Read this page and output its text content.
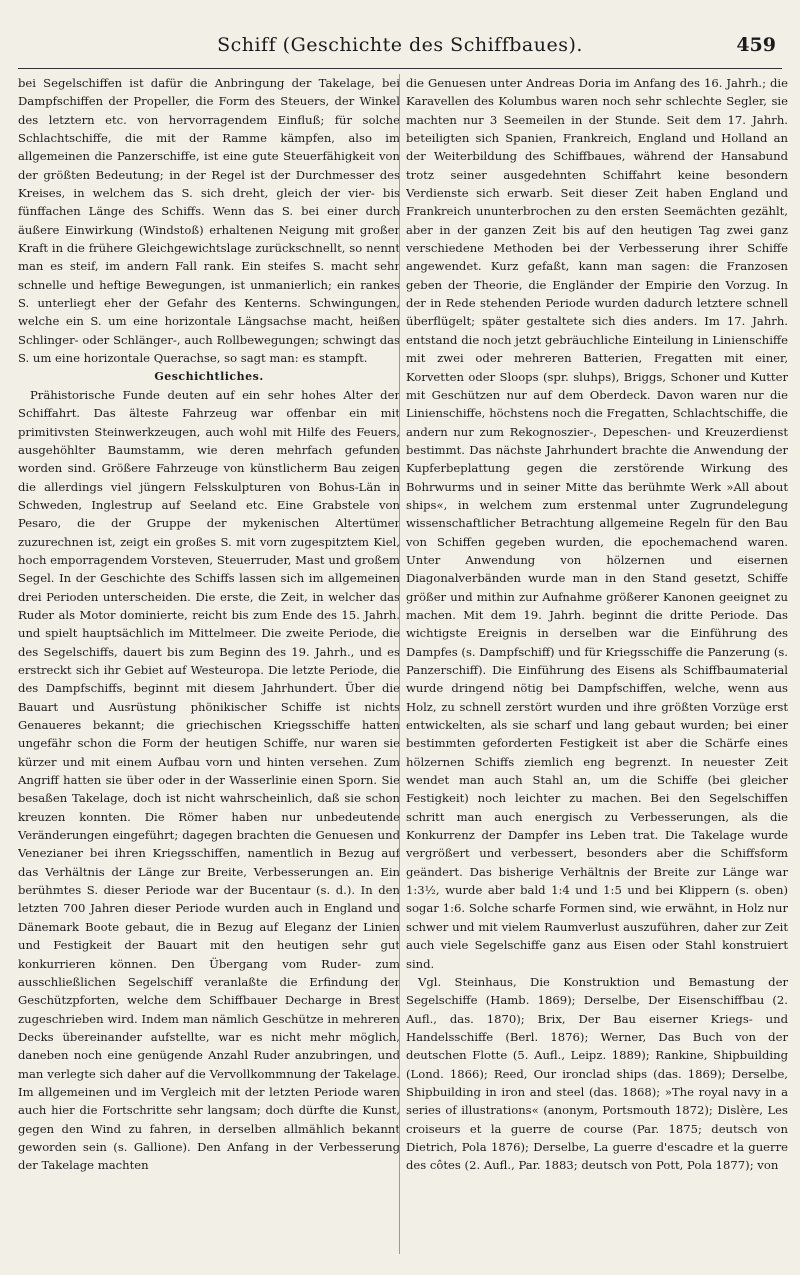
Schiff (Geschichte des Schiffbaues).	459

bei Segelschiffen ist dafür die Anbringung der Takelage, bei Dampfschiffen der Propeller, die Form des Steuers, der Winkel des letztern etc. von hervorragendem Einfluß; für solche Schlachtschiffe, die mit der Ramme kämpfen, also im allgemeinen die Panzerschiffe, ist eine gute Steuerfähigkeit von der größten Bedeutung; in der Regel ist der Durchmesser des Kreises, in welchem das S. sich dreht, gleich der vier- bis fünffachen Länge des Schiffs. Wenn das S. bei einer durch äußere Einwirkung (Windstoß) erhaltenen Neigung mit großer Kraft in die frühere Gleichgewichtslage zurückschnellt, so nennt man es steif, im andern Fall rank. Ein steifes S. macht sehr schnelle und heftige Bewegungen, ist unmanierlich; ein rankes S. unterliegt eher der Gefahr des Kenterns. Schwingungen, welche ein S. um eine horizontale Längsachse macht, heißen Schlinger- oder Schlänger-, auch Rollbewegungen; schwingt das S. um eine horizontale Querachse, so sagt man: es stampft.

Geschichtliches.

Prähistorische Funde deuten auf ein sehr hohes Alter der Schiffahrt. Das älteste Fahrzeug war offenbar ein mit primitivsten Steinwerkzeugen, auch wohl mit Hilfe des Feuers, ausgehöhlter Baumstamm, wie deren mehrfach gefunden worden sind. Größere Fahrzeuge von künstlicherm Bau zeigen die allerdings viel jüngern Felsskulpturen von Bohus-Län in Schweden, Inglestrup auf Seeland etc. Eine Grabstele von Pesaro, die der Gruppe der mykenischen Altertümer zuzurechnen ist, zeigt ein großes S. mit vorn zugespitztem Kiel, hoch emporragendem Vorsteven, Steuerruder, Mast und großem Segel. In der Geschichte des Schiffs lassen sich im allgemeinen drei Perioden unterscheiden. Die erste, die Zeit, in welcher das Ruder als Motor dominierte, reicht bis zum Ende des 15. Jahrh. und spielt hauptsächlich im Mittelmeer. Die zweite Periode, die des Segelschiffs, dauert bis zum Beginn des 19. Jahrh., und es erstreckt sich ihr Gebiet auf Westeuropa. Die letzte Periode, die des Dampfschiffs, beginnt mit diesem Jahrhundert. Über die Bauart und Ausrüstung phönikischer Schiffe ist nichts Genaueres bekannt; die griechischen Kriegsschiffe hatten ungefähr schon die Form der heutigen Schiffe, nur waren sie kürzer und mit einem Aufbau vorn und hinten versehen. Zum Angriff hatten sie über oder in der Wasserlinie einen Sporn. Sie besaßen Takelage, doch ist nicht wahrscheinlich, daß sie schon kreuzen konnten. Die Römer haben nur unbedeutende Veränderungen eingeführt; dagegen brachten die Genuesen und Venezianer bei ihren Kriegsschiffen, namentlich in Bezug auf das Verhältnis der Länge zur Breite, Verbesserungen an. Ein berühmtes S. dieser Periode war der Bucentaur (s. d.). In den letzten 700 Jahren dieser Periode wurden auch in England und Dänemark Boote gebaut, die in Bezug auf Eleganz der Linien und Festigkeit der Bauart mit den heutigen sehr gut konkurrieren können. Den Übergang vom Ruder- zum ausschließlichen Segelschiff veranlaßte die Erfindung der Geschützpforten, welche dem Schiffbauer Decharge in Brest zugeschrieben wird. Indem man nämlich Geschütze in mehreren Decks übereinander aufstellte, war es nicht mehr möglich, daneben noch eine genügende Anzahl Ruder anzubringen, und man verlegte sich daher auf die Vervollkommnung der Takelage. Im allgemeinen und im Vergleich mit der letzten Periode waren auch hier die Fortschritte sehr langsam; doch dürfte die Kunst, gegen den Wind zu fahren, in derselben allmählich bekannt geworden sein (s. Gallione). Den Anfang in der Verbesserung der Takelage machten

die Genuesen unter Andreas Doria im Anfang des 16. Jahrh.; die Karavellen des Kolumbus waren noch sehr schlechte Segler, sie machten nur 3 Seemeilen in der Stunde. Seit dem 17. Jahrh. beteiligten sich Spanien, Frankreich, England und Holland an der Weiterbildung des Schiffbaues, während der Hansabund trotz seiner ausgedehnten Schiffahrt keine besondern Verdienste sich erwarb. Seit dieser Zeit haben England und Frankreich ununterbrochen zu den ersten Seemächten gezählt, aber in der ganzen Zeit bis auf den heutigen Tag zwei ganz verschiedene Methoden bei der Verbesserung ihrer Schiffe angewendet. Kurz gefaßt, kann man sagen: die Franzosen geben der Theorie, die Engländer der Empirie den Vorzug. In der in Rede stehenden Periode wurden dadurch letztere schnell überflügelt; später gestaltete sich dies anders. Im 17. Jahrh. entstand die noch jetzt gebräuchliche Einteilung in Linienschiffe mit zwei oder mehreren Batterien, Fregatten mit einer, Korvetten oder Sloops (spr. sluhps), Briggs, Schoner und Kutter mit Geschützen nur auf dem Oberdeck. Davon waren nur die Linienschiffe, höchstens noch die Fregatten, Schlachtschiffe, die andern nur zum Rekognoszier-, Depeschen- und Kreuzerdienst bestimmt. Das nächste Jahrhundert brachte die Anwendung der Kupferbeplattung gegen die zerstörende Wirkung des Bohrwurms und in seiner Mitte das berühmte Werk »All about ships«, in welchem zum erstenmal unter Zugrundelegung wissenschaftlicher Betrachtung allgemeine Regeln für den Bau von Schiffen gegeben wurden, die epochemachend waren. Unter Anwendung von hölzernen und eisernen Diagonalverbänden wurde man in den Stand gesetzt, Schiffe größer und mithin zur Aufnahme größerer Kanonen geeignet zu machen. Mit dem 19. Jahrh. beginnt die dritte Periode. Das wichtigste Ereignis in derselben war die Einführung des Dampfes (s. Dampfschiff) und für Kriegsschiffe die Panzerung (s. Panzerschiff). Die Einführung des Eisens als Schiffbaumaterial wurde dringend nötig bei Dampfschiffen, welche, wenn aus Holz, zu schnell zerstört wurden und ihre größten Vorzüge erst entwickelten, als sie scharf und lang gebaut wurden; bei einer bestimmten geforderten Festigkeit ist aber die Schärfe eines hölzernen Schiffs ziemlich eng begrenzt. In neuester Zeit wendet man auch Stahl an, um die Schiffe (bei gleicher Festigkeit) noch leichter zu machen. Bei den Segelschiffen schritt man auch energisch zu Verbesserungen, als die Konkurrenz der Dampfer ins Leben trat. Die Takelage wurde vergrößert und verbessert, besonders aber die Schiffsform geändert. Das bisherige Verhältnis der Breite zur Länge war 1:3½, wurde aber bald 1:4 und 1:5 und bei Klippern (s. oben) sogar 1:6. Solche scharfe Formen sind, wie erwähnt, in Holz nur schwer und mit vielem Raumverlust auszuführen, daher zur Zeit auch viele Segelschiffe ganz aus Eisen oder Stahl konstruiert sind.

Vgl. Steinhaus, Die Konstruktion und Bemastung der Segelschiffe (Hamb. 1869); Derselbe, Der Eisenschiffbau (2. Aufl., das. 1870); Brix, Der Bau eiserner Kriegs- und Handelsschiffe (Berl. 1876); Werner, Das Buch von der deutschen Flotte (5. Aufl., Leipz. 1889); Rankine, Shipbuilding (Lond. 1866); Reed, Our ironclad ships (das. 1869); Derselbe, Shipbuilding in iron and steel (das. 1868); »The royal navy in a series of illustrations« (anonym, Portsmouth 1872); Dislère, Les croiseurs et la guerre de course (Par. 1875; deutsch von Dietrich, Pola 1876); Derselbe, La guerre d'escadre et la guerre des côtes (2. Aufl., Par. 1883; deutsch von Pott, Pola 1877); von
